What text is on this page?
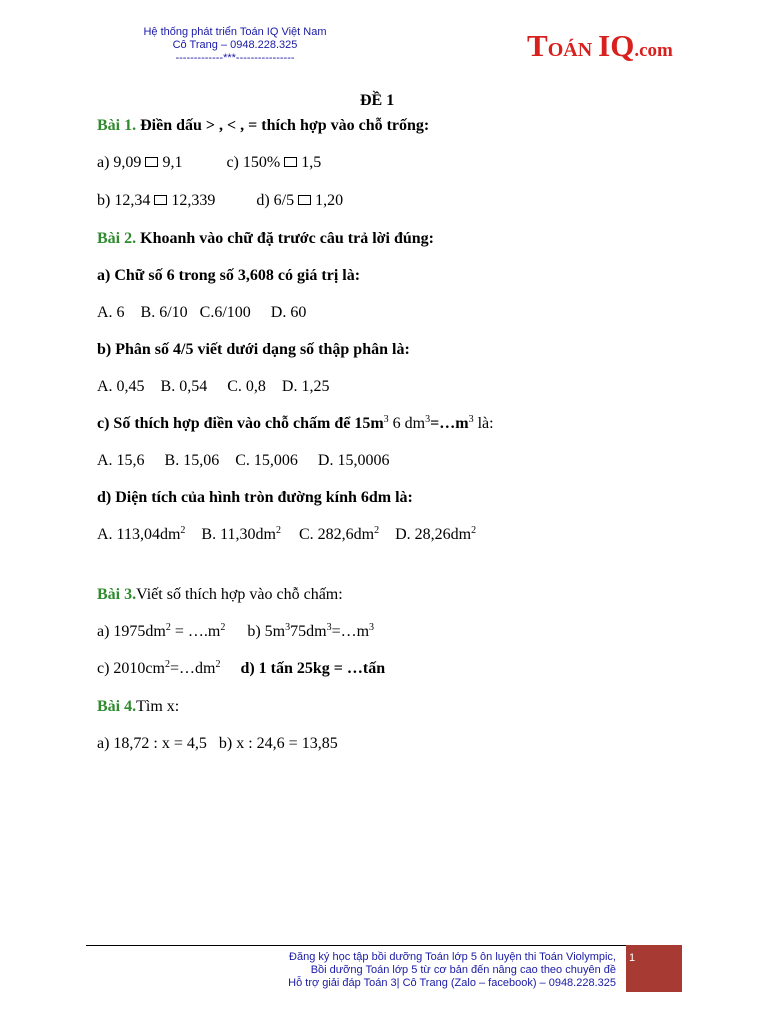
Hệ thống phát triển Toán IQ Việt Nam
Cô Trang – 0948.228.325
-------------***----------------	TOÁN IQ.com
ĐỀ 1
Bài 1. Điền dấu > , < , = thích hợp vào chỗ trống:
a) 9,09 9,1	c) 150% 1,5
b) 12,34 12,339	d) 6/5 1,20
Bài 2. Khoanh vào chữ đặ trước câu trả lời đúng:
a) Chữ số 6 trong số 3,608 có giá trị là:
A. 6    B. 6/10   C.6/100     D. 60
b) Phân số 4/5 viết dưới dạng số thập phân là:
A. 0,45    B. 0,54     C. 0,8    D. 1,25
c) Số thích hợp điền vào chỗ chấm để $15m^3$ 6 $dm^3=\dots m^3$ là:
A. 15,6     B. 15,06    C. 15,006     D. 15,0006
d) Diện tích của hình tròn đường kính 6dm là:
A. $113,04dm^2$ B. $11,30dm^2$ C. $282,6dm^2$ D. $28,26dm^2$
Bài 3.Viết số thích hợp vào chỗ chấm:
a) $1975dm^2$ = $\dots.m^2$ b) $5m^375dm^3=\dots m^3$
c) $2010cm^2=\dots dm^2$ d) 1 tấn 25kg = …tấn
Bài 4.Tìm x:
a) 18,72 : x = 4,5   b) x : 24,6 = 13,85
Đăng ký học tập bồi dưỡng Toán lớp 5 ôn luyện thi Toán Violympic,
Bồi dưỡng Toán lớp 5 từ cơ bản đến nâng cao theo chuyên đề
Hỗ trợ giải đáp Toán 3| Cô Trang (Zalo – facebook) – 0948.228.325
1
